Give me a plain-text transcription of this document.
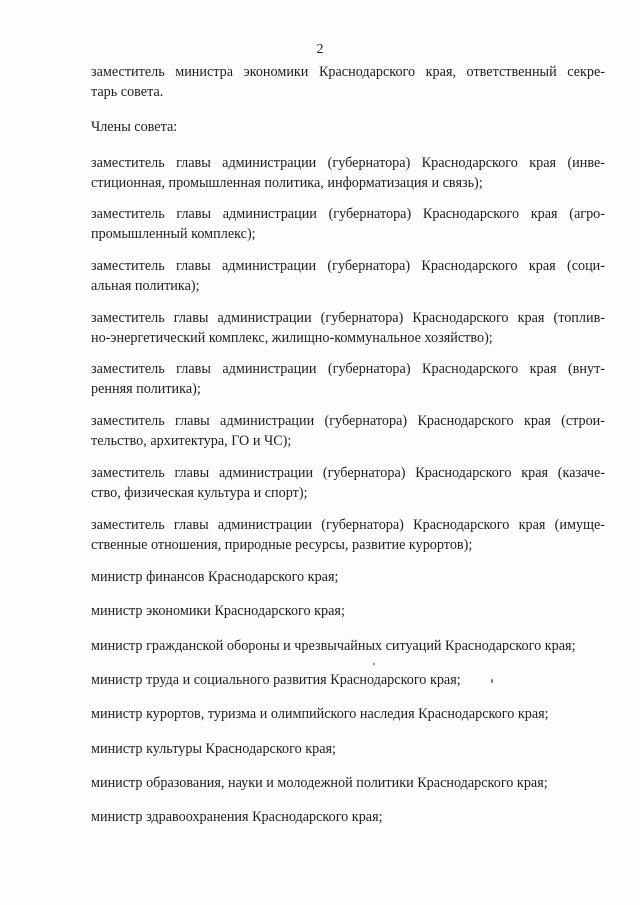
2

заместитель министра экономики Краснодарского края, ответственный секре-
тарь совета.

Члены совета:

заместитель главы администрации (губернатора) Краснодарского края (инве-
стиционная, промышленная политика, информатизация и связь);

заместитель главы администрации (губернатора) Краснодарского края (агро-
промышленный комплекс);

заместитель главы администрации (губернатора) Краснодарского края (соци-
альная политика);

заместитель главы администрации (губернатора) Краснодарского края (топлив-
но-энергетический комплекс, жилищно-коммунальное хозяйство);

заместитель главы администрации (губернатора) Краснодарского края (внут-
ренняя политика);

заместитель главы администрации (губернатора) Краснодарского края (строи-
тельство, архитектура, ГО и ЧС);

заместитель главы администрации (губернатора) Краснодарского края (казаче-
ство, физическая культура и спорт);

заместитель главы администрации (губернатора) Краснодарского края (имуще-
ственные отношения, природные ресурсы, развитие курортов);

министр финансов Краснодарского края;

министр экономики Краснодарского края;

министр гражданской обороны и чрезвычайных ситуаций Краснодарского края;

министр труда и социального развития Краснодарского края;

министр курортов, туризма и олимпийского наследия Краснодарского края;

министр культуры Краснодарского края;

министр образования, науки и молодежной политики Краснодарского края;

министр здравоохранения Краснодарского края;
